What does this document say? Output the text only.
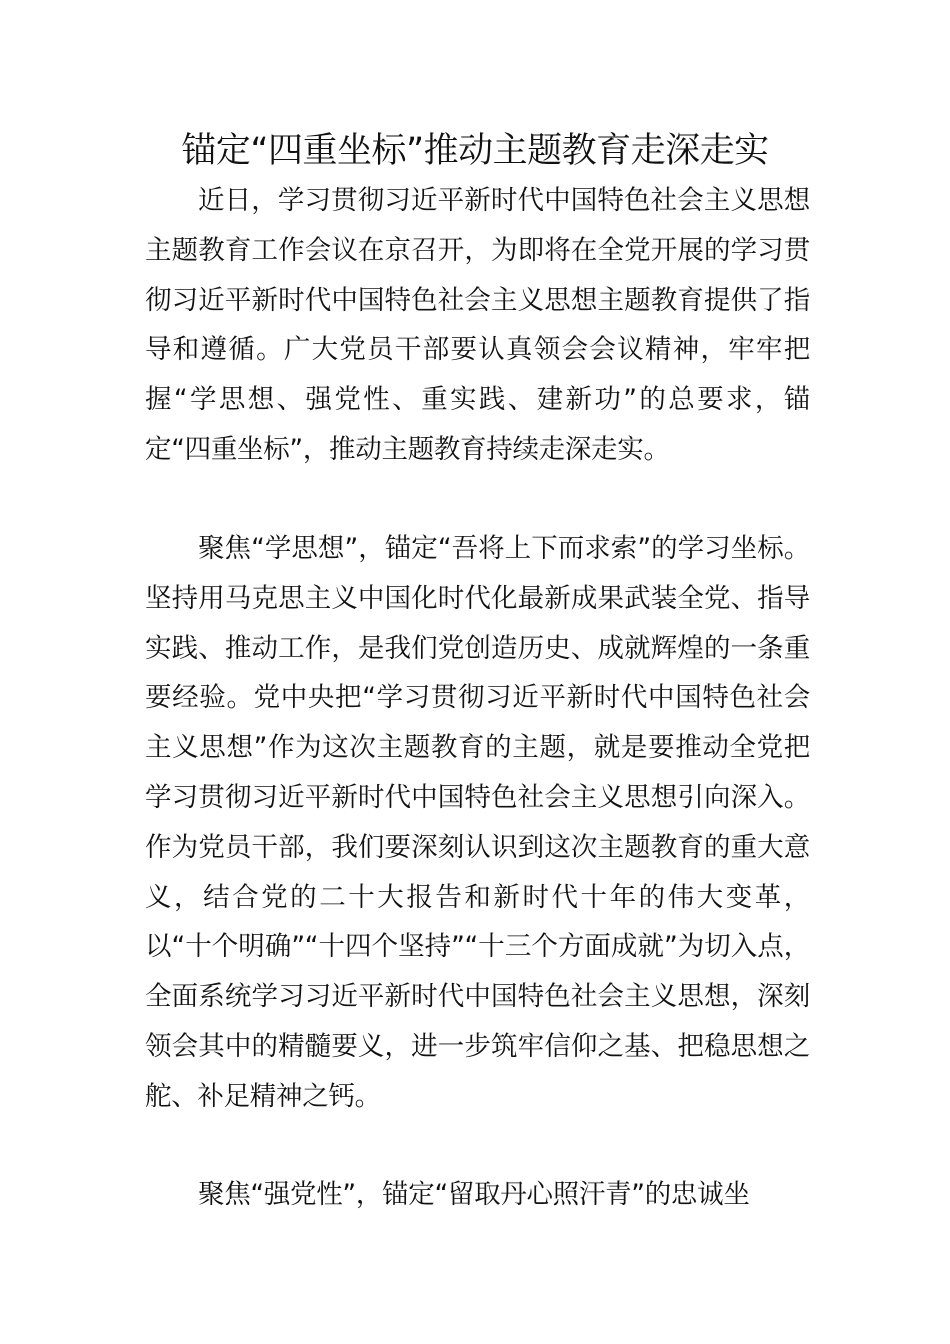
锚定“四重坐标”推动主题教育走深走实

近日，学习贯彻习近平新时代中国特色社会主义思想主题教育工作会议在京召开，为即将在全党开展的学习贯彻习近平新时代中国特色社会主义思想主题教育提供了指导和遵循。广大党员干部要认真领会会议精神，牢牢把握“学思想、强党性、重实践、建新功”的总要求，锚定“四重坐标”，推动主题教育持续走深走实。

聚焦“学思想”，锚定“吾将上下而求索”的学习坐标。坚持用马克思主义中国化时代化最新成果武装全党、指导实践、推动工作，是我们党创造历史、成就辉煌的一条重要经验。党中央把“学习贯彻习近平新时代中国特色社会主义思想”作为这次主题教育的主题，就是要推动全党把学习贯彻习近平新时代中国特色社会主义思想引向深入。作为党员干部，我们要深刻认识到这次主题教育的重大意义，结合党的二十大报告和新时代十年的伟大变革，以“十个明确”“十四个坚持”“十三个方面成就”为切入点，全面系统学习习近平新时代中国特色社会主义思想，深刻领会其中的精髓要义，进一步筑牢信仰之基、把稳思想之舵、补足精神之钙。

聚焦“强党性”，锚定“留取丹心照汗青”的忠诚坐
